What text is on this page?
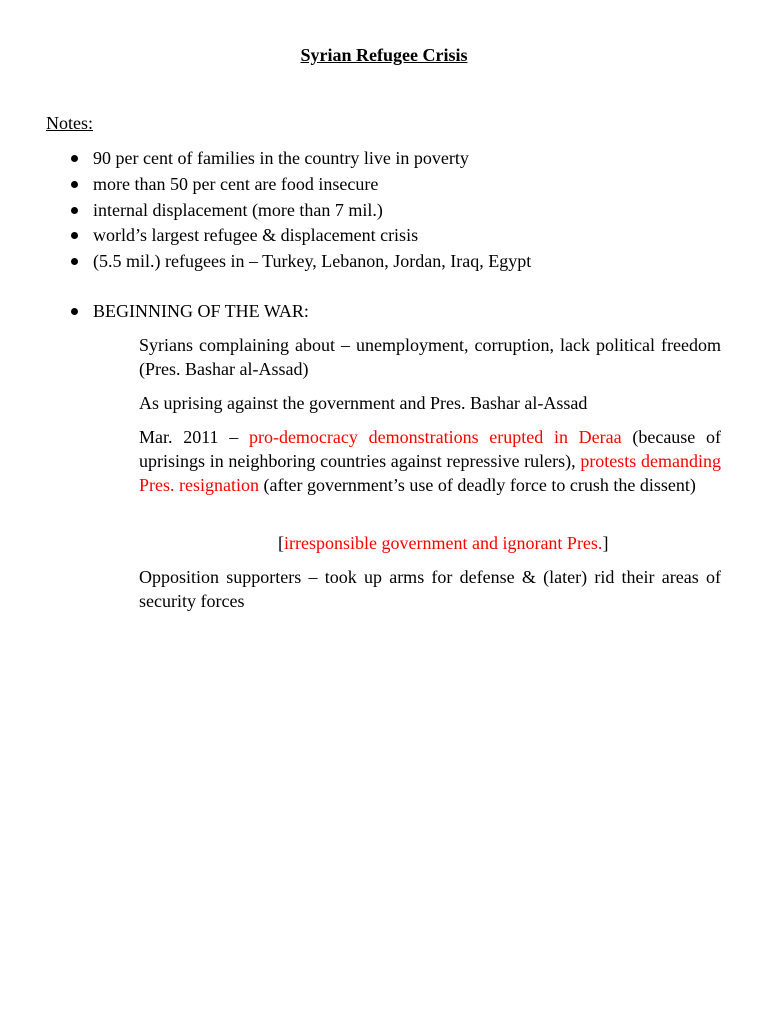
Syrian Refugee Crisis
Notes:
90 per cent of families in the country live in poverty
more than 50 per cent are food insecure
internal displacement (more than 7 mil.)
world’s largest refugee & displacement crisis
(5.5 mil.) refugees in – Turkey, Lebanon, Jordan, Iraq, Egypt
BEGINNING OF THE WAR:
Syrians complaining about – unemployment, corruption, lack political freedom (Pres. Bashar al-Assad)
As uprising against the government and Pres. Bashar al-Assad
Mar. 2011 – pro-democracy demonstrations erupted in Deraa (because of uprisings in neighboring countries against repressive rulers), protests demanding Pres. resignation (after government’s use of deadly force to crush the dissent)
[irresponsible government and ignorant Pres.]
Opposition supporters – took up arms for defense & (later) rid their areas of security forces
